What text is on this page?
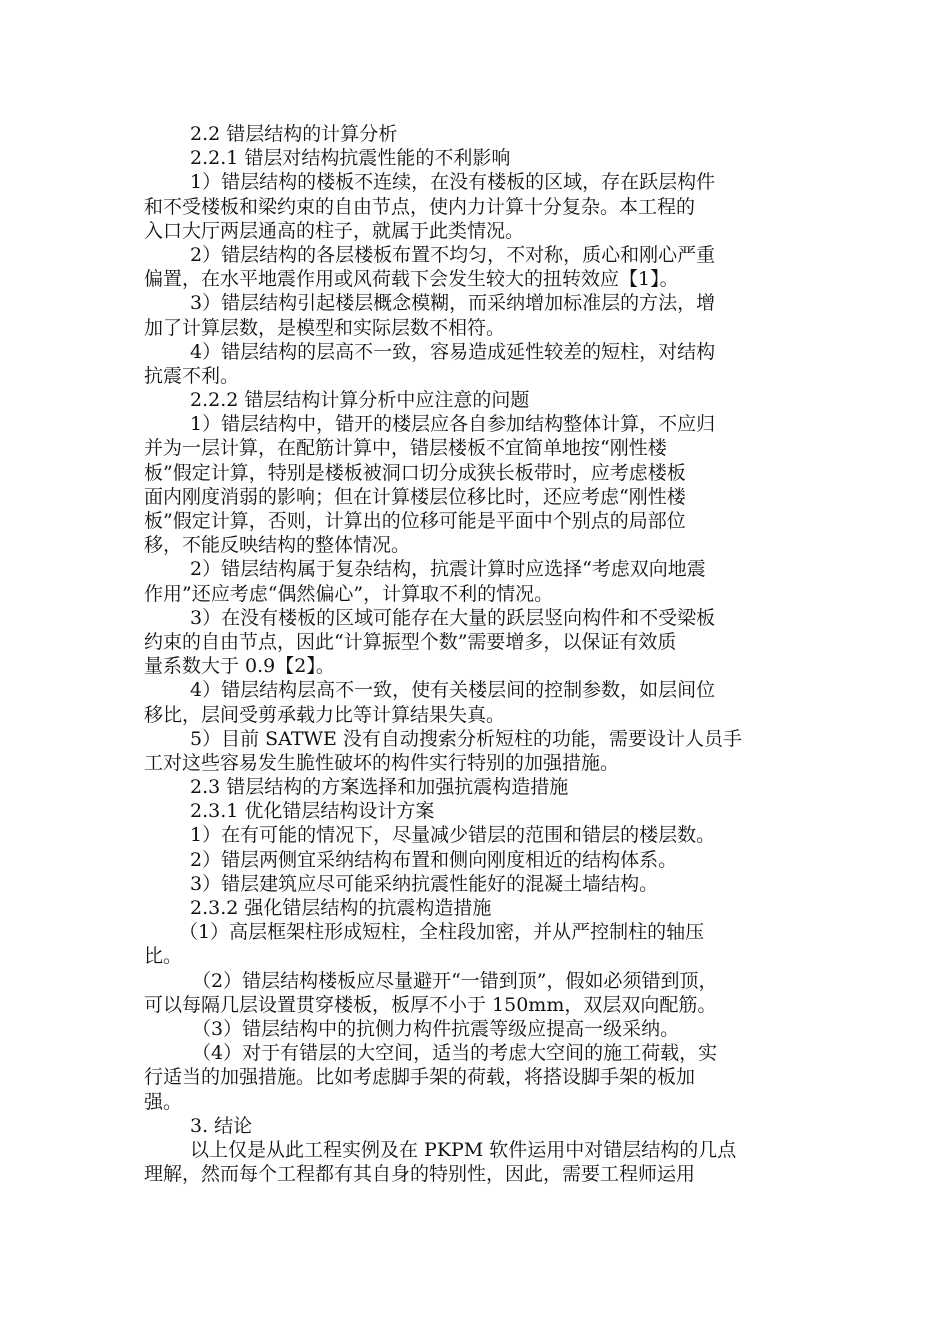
2.2 错层结构的计算分析
2.2.1 错层对结构抗震性能的不利影响
1）错层结构的楼板不连续，在没有楼板的区域，存在跃层构件
和不受楼板和梁约束的自由节点，使内力计算十分复杂。本工程的
入口大厅两层通高的柱子，就属于此类情况。
2）错层结构的各层楼板布置不均匀，不对称，质心和刚心严重
偏置，在水平地震作用或风荷载下会发生较大的扭转效应【1】。
3）错层结构引起楼层概念模糊，而采纳增加标准层的方法，增
加了计算层数，是模型和实际层数不相符。
4）错层结构的层高不一致，容易造成延性较差的短柱，对结构
抗震不利。
2.2.2 错层结构计算分析中应注意的问题
1）错层结构中，错开的楼层应各自参加结构整体计算，不应归
并为一层计算，在配筋计算中，错层楼板不宜简单地按“刚性楼
板”假定计算，特别是楼板被洞口切分成狭长板带时，应考虑楼板
面内刚度消弱的影响；但在计算楼层位移比时，还应考虑“刚性楼
板”假定计算，否则，计算出的位移可能是平面中个别点的局部位
移，不能反映结构的整体情况。
2）错层结构属于复杂结构，抗震计算时应选择“考虑双向地震
作用”还应考虑“偶然偏心”，计算取不利的情况。
3）在没有楼板的区域可能存在大量的跃层竖向构件和不受梁板
约束的自由节点，因此“计算振型个数”需要增多，以保证有效质
量系数大于 0.9【2】。
4）错层结构层高不一致，使有关楼层间的控制参数，如层间位
移比，层间受剪承载力比等计算结果失真。
5）目前 SATWE 没有自动搜索分析短柱的功能，需要设计人员手
工对这些容易发生脆性破坏的构件实行特别的加强措施。
2.3 错层结构的方案选择和加强抗震构造措施
2.3.1 优化错层结构设计方案
1）在有可能的情况下，尽量减少错层的范围和错层的楼层数。
2）错层两侧宜采纳结构布置和侧向刚度相近的结构体系。
3）错层建筑应尽可能采纳抗震性能好的混凝土墙结构。
2.3.2 强化错层结构的抗震构造措施
（1）高层框架柱形成短柱，全柱段加密，并从严控制柱的轴压
比。
（2）错层结构楼板应尽量避开“一错到顶”，假如必须错到顶，
可以每隔几层设置贯穿楼板，板厚不小于 150mm，双层双向配筋。
（3）错层结构中的抗侧力构件抗震等级应提高一级采纳。
（4）对于有错层的大空间，适当的考虑大空间的施工荷载，实
行适当的加强措施。比如考虑脚手架的荷载，将搭设脚手架的板加
强。
3. 结论
以上仅是从此工程实例及在 PKPM 软件运用中对错层结构的几点
理解，然而每个工程都有其自身的特别性，因此，需要工程师运用
